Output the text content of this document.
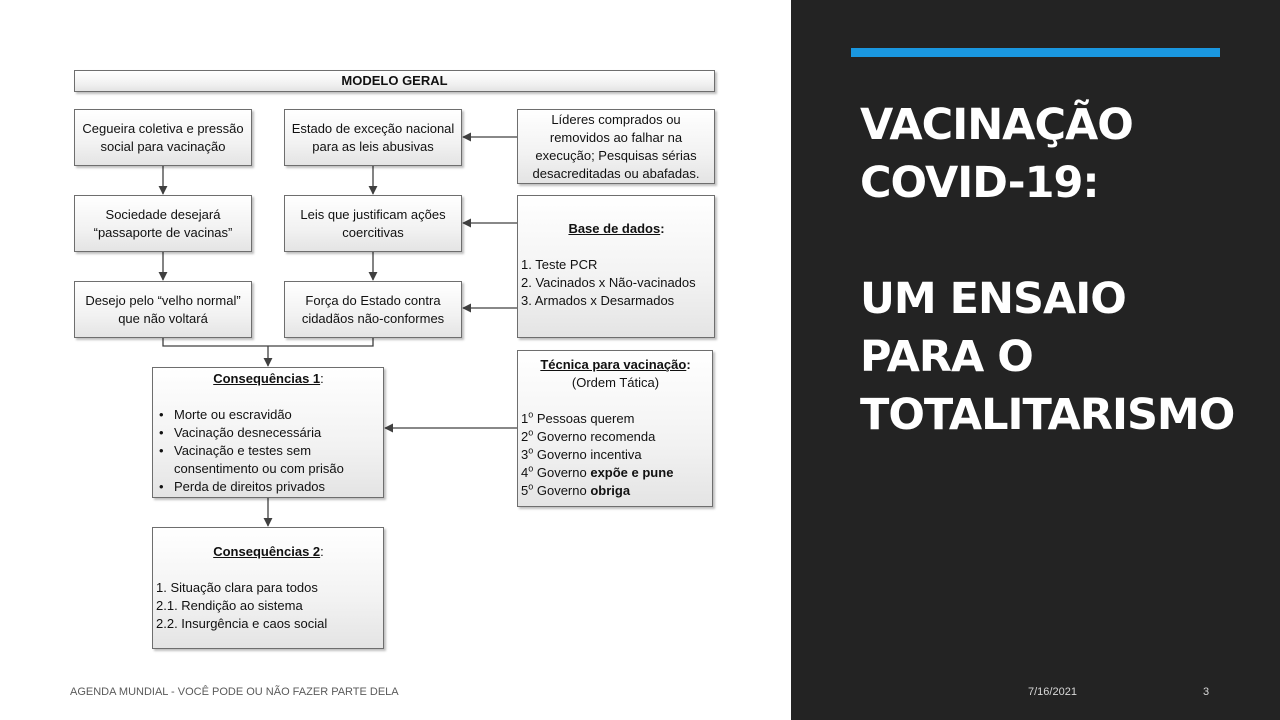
MODELO GERAL
Cegueira coletiva e pressão
social para vacinação
Sociedade desejará
“passaporte de vacinas”
Desejo pelo “velho normal”
que não voltará
Estado de exceção nacional
para as leis abusivas
Leis que justificam ações
coercitivas
Força do Estado contra
cidadãos não-conformes
Líderes comprados ou
removidos ao falhar na
execução; Pesquisas sérias
desacreditadas ou abafadas.
Base de dados:
1. Teste PCR
2. Vacinados x Não-vacinados
3. Armados x Desarmados
Técnica para vacinação:
(Ordem Tática)
1$^o$ Pessoas querem
2$^o$ Governo recomenda
3$^o$ Governo incentiva
4$^o$ Governo expõe e pune
5$^o$ Governo obriga
Consequências 1:
• Morte ou escravidão
• Vacinação desnecessária
• Vacinação e testes sem consentimento ou com prisão
• Perda de direitos privados
Consequências 2:
1. Situação clara para todos
2.1. Rendição ao sistema
2.2. Insurgência e caos social
AGENDA MUNDIAL - VOCÊ PODE OU NÃO FAZER PARTE DELA
VACINAÇÃO
COVID-19:

UM ENSAIO
PARA O
TOTALITARISMO
7/16/2021	3
